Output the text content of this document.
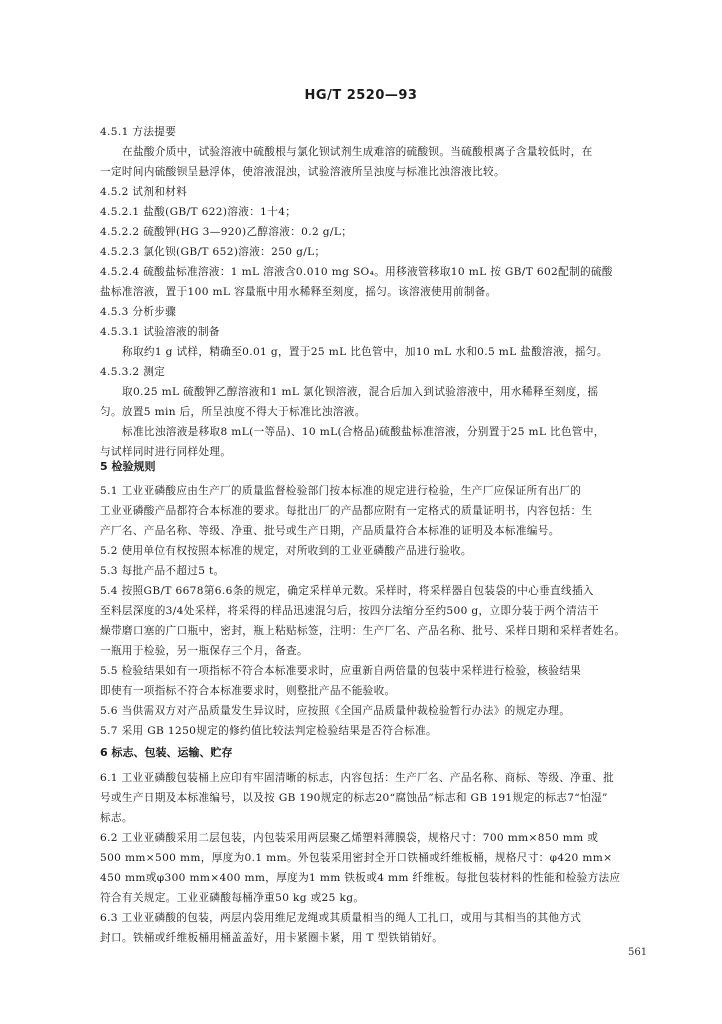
HG/T 2520—93

4.5.1 方法提要

在盐酸介质中，试验溶液中硫酸根与氯化钡试剂生成难溶的硫酸钡。当硫酸根离子含量较低时，在

一定时间内硫酸钡呈悬浮体，使溶液混浊，试验溶液所呈浊度与标准比浊溶液比较。

4.5.2 试剂和材料

4.5.2.1 盐酸(GB/T 622)溶液：1十4；

4.5.2.2 硫酸钾(HG 3—920)乙醇溶液：0.2 g/L；

4.5.2.3 氯化钡(GB/T 652)溶液：250 g/L；

4.5.2.4 硫酸盐标准溶液：1 mL 溶液含0.010 mg SO₄。用移液管移取10 mL 按 GB/T 602配制的硫酸

盐标准溶液，置于100 mL 容量瓶中用水稀释至刻度，摇匀。该溶液使用前制备。

4.5.3 分析步骤

4.5.3.1 试验溶液的制备

称取约1 g 试样，精确至0.01 g，置于25 mL 比色管中，加10 mL 水和0.5 mL 盐酸溶液，摇匀。

4.5.3.2 测定

取0.25 mL 硫酸钾乙醇溶液和1 mL 氯化钡溶液，混合后加入到试验溶液中，用水稀释至刻度，摇

匀。放置5 min 后，所呈浊度不得大于标准比浊溶液。

标准比浊溶液是移取8 mL(一等品)、10 mL(合格品)硫酸盐标准溶液，分别置于25 mL 比色管中，

与试样同时进行同样处理。

5 检验规则

5.1 工业亚磷酸应由生产厂的质量监督检验部门按本标准的规定进行检验，生产厂应保证所有出厂的

工业亚磷酸产品都符合本标准的要求。每批出厂的产品都应附有一定格式的质量证明书，内容包括：生

产厂名、产品名称、等级、净重、批号或生产日期，产品质量符合本标准的证明及本标准编号。

5.2 使用单位有权按照本标准的规定，对所收到的工业亚磷酸产品进行验收。

5.3 每批产品不超过5 t。

5.4 按照GB/T 6678第6.6条的规定，确定采样单元数。采样时，将采样器自包装袋的中心垂直线插入

至料层深度的3/4处采样，将采得的样品迅速混匀后，按四分法缩分至约500 g，立即分装于两个清洁干

燥带磨口塞的广口瓶中，密封，瓶上粘贴标签，注明：生产厂名、产品名称、批号、采样日期和采样者姓名。

一瓶用于检验，另一瓶保存三个月，备查。

5.5 检验结果如有一项指标不符合本标准要求时，应重新自两倍量的包装中采样进行检验，核验结果

即使有一项指标不符合本标准要求时，则整批产品不能验收。

5.6 当供需双方对产品质量发生异议时，应按照《全国产品质量仲裁检验暂行办法》的规定办理。

5.7 采用 GB 1250规定的修约值比较法判定检验结果是否符合标准。

6 标志、包装、运输、贮存

6.1 工业亚磷酸包装桶上应印有牢固清晰的标志，内容包括：生产厂名、产品名称、商标、等级、净重、批

号或生产日期及本标准编号，以及按 GB 190规定的标志20“腐蚀品”标志和 GB 191规定的标志7“怕湿”

标志。

6.2 工业亚磷酸采用二层包装，内包装采用两层聚乙烯塑料薄膜袋，规格尺寸：700 mm×850 mm 或

500 mm×500 mm，厚度为0.1 mm。外包装采用密封全开口铁桶或纤维板桶，规格尺寸：φ420 mm×

450 mm或φ300 mm×400 mm，厚度为1 mm 铁板或4 mm 纤维板。每批包装材料的性能和检验方法应

符合有关规定。工业亚磷酸每桶净重50 kg 或25 kg。

6.3 工业亚磷酸的包装，两层内袋用维尼龙绳或其质量相当的绳人工扎口，或用与其相当的其他方式

封口。铁桶或纤维板桶用桶盖盖好，用卡紧圈卡紧，用 T 型铁销销好。

561
